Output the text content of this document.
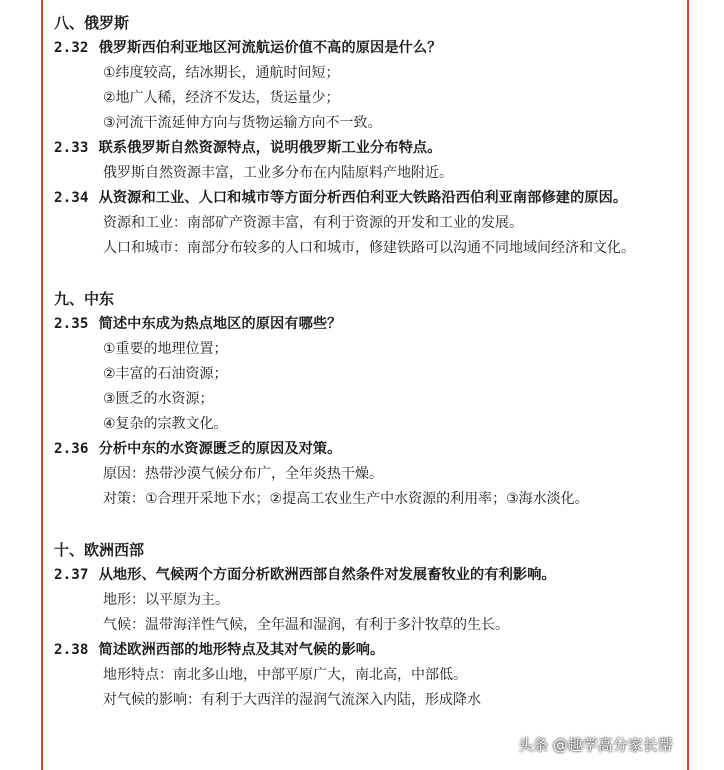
八、俄罗斯
2.32 俄罗斯西伯利亚地区河流航运价值不高的原因是什么？
①纬度较高，结冰期长，通航时间短；
②地广人稀，经济不发达，货运量少；
③河流干流延伸方向与货物运输方向不一致。
2.33 联系俄罗斯自然资源特点，说明俄罗斯工业分布特点。
俄罗斯自然资源丰富，工业多分布在内陆原料产地附近。
2.34 从资源和工业、人口和城市等方面分析西伯利亚大铁路沿西伯利亚南部修建的原因。
资源和工业：南部矿产资源丰富，有利于资源的开发和工业的发展。
人口和城市：南部分布较多的人口和城市，修建铁路可以沟通不同地域间经济和文化。
九、中东
2.35 简述中东成为热点地区的原因有哪些？
①重要的地理位置；
②丰富的石油资源；
③匮乏的水资源；
④复杂的宗教文化。
2.36 分析中东的水资源匮乏的原因及对策。
原因：热带沙漠气候分布广，全年炎热干燥。
对策：①合理开采地下水；②提高工农业生产中水资源的利用率；③海水淡化。
十、欧洲西部
2.37 从地形、气候两个方面分析欧洲西部自然条件对发展畜牧业的有利影响。
地形：以平原为主。
气候：温带海洋性气候，全年温和湿润，有利于多汁牧草的生长。
2.38 简述欧洲西部的地形特点及其对气候的影响。
地形特点：南北多山地，中部平原广大，南北高，中部低。
对气候的影响：有利于大西洋的湿润气流深入内陆，形成降水
头条 @趣学高分家长帮
